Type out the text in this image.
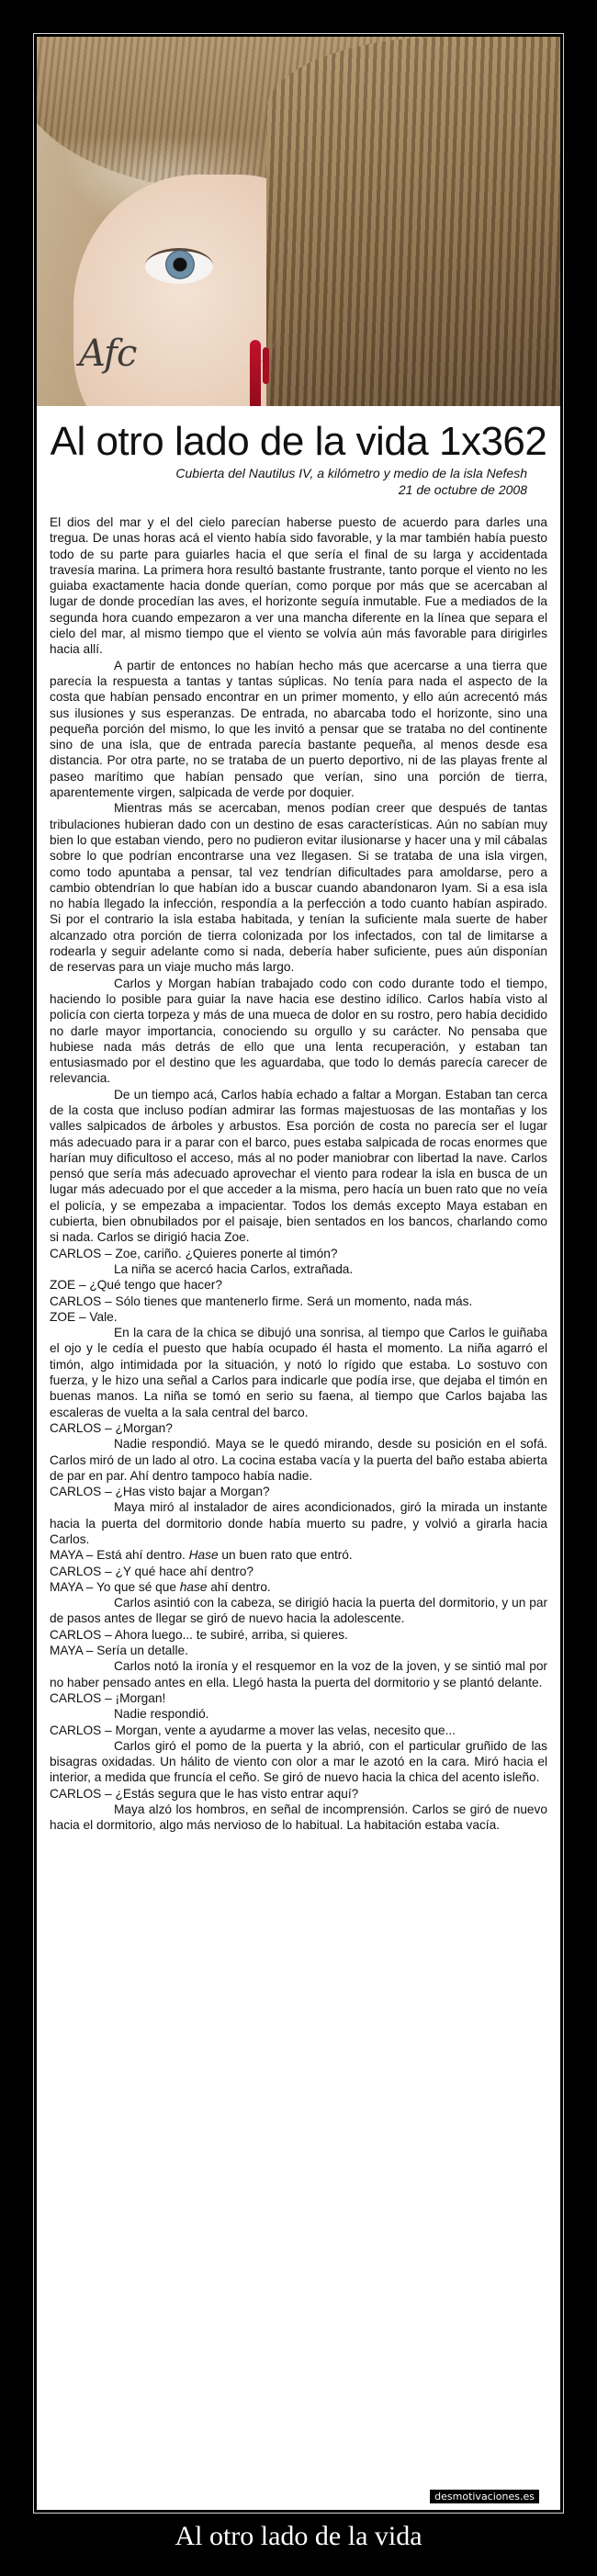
Afc
Al otro lado de la vida 1x362
Cubierta del Nautilus IV, a kilómetro y medio de la isla Nefesh
21 de octubre de 2008

El dios del mar y el del cielo parecían haberse puesto de acuerdo para darles una tregua. De unas horas acá el viento había sido favorable, y la mar también había puesto todo de su parte para guiarles hacia el que sería el final de su larga y accidentada travesía marina. La primera hora resultó bastante frustrante, tanto porque el viento no les guiaba exactamente hacia donde querían, como porque por más que se acercaban al lugar de donde procedían las aves, el horizonte seguía inmutable. Fue a mediados de la segunda hora cuando empezaron a ver una mancha diferente en la línea que separa el cielo del mar, al mismo tiempo que el viento se volvía aún más favorable para dirigirles hacia allí.

A partir de entonces no habían hecho más que acercarse a una tierra que parecía la respuesta a tantas y tantas súplicas. No tenía para nada el aspecto de la costa que habían pensado encontrar en un primer momento, y ello aún acrecentó más sus ilusiones y sus esperanzas. De entrada, no abarcaba todo el horizonte, sino una pequeña porción del mismo, lo que les invitó a pensar que se trataba no del continente sino de una isla, que de entrada parecía bastante pequeña, al menos desde esa distancia. Por otra parte, no se trataba de un puerto deportivo, ni de las playas frente al paseo marítimo que habían pensado que verían, sino una porción de tierra, aparentemente virgen, salpicada de verde por doquier.

Mientras más se acercaban, menos podían creer que después de tantas tribulaciones hubieran dado con un destino de esas características. Aún no sabían muy bien lo que estaban viendo, pero no pudieron evitar ilusionarse y hacer una y mil cábalas sobre lo que podrían encontrarse una vez llegasen. Si se trataba de una isla virgen, como todo apuntaba a pensar, tal vez tendrían dificultades para amoldarse, pero a cambio obtendrían lo que habían ido a buscar cuando abandonaron Iyam. Si a esa isla no había llegado la infección, respondía a la perfección a todo cuanto habían aspirado. Si por el contrario la isla estaba habitada, y tenían la suficiente mala suerte de haber alcanzado otra porción de tierra colonizada por los infectados, con tal de limitarse a rodearla y seguir adelante como si nada, debería haber suficiente, pues aún disponían de reservas para un viaje mucho más largo.

Carlos y Morgan habían trabajado codo con codo durante todo el tiempo, haciendo lo posible para guiar la nave hacia ese destino idílico. Carlos había visto al policía con cierta torpeza y más de una mueca de dolor en su rostro, pero había decidido no darle mayor importancia, conociendo su orgullo y su carácter. No pensaba que hubiese nada más detrás de ello que una lenta recuperación, y estaban tan entusiasmado por el destino que les aguardaba, que todo lo demás parecía carecer de relevancia.

De un tiempo acá, Carlos había echado a faltar a Morgan. Estaban tan cerca de la costa que incluso podían admirar las formas majestuosas de las montañas y los valles salpicados de árboles y arbustos. Esa porción de costa no parecía ser el lugar más adecuado para ir a parar con el barco, pues estaba salpicada de rocas enormes que harían muy dificultoso el acceso, más al no poder maniobrar con libertad la nave. Carlos pensó que sería más adecuado aprovechar el viento para rodear la isla en busca de un lugar más adecuado por el que acceder a la misma, pero hacía un buen rato que no veía el policía, y se empezaba a impacientar. Todos los demás excepto Maya estaban en cubierta, bien obnubilados por el paisaje, bien sentados en los bancos, charlando como si nada. Carlos se dirigió hacia Zoe.

CARLOS – Zoe, cariño. ¿Quieres ponerte al timón?

La niña se acercó hacia Carlos, extrañada.

ZOE – ¿Qué tengo que hacer?

CARLOS – Sólo tienes que mantenerlo firme. Será un momento, nada más.

ZOE – Vale.

En la cara de la chica se dibujó una sonrisa, al tiempo que Carlos le guiñaba el ojo y le cedía el puesto que había ocupado él hasta el momento. La niña agarró el timón, algo intimidada por la situación, y notó lo rígido que estaba. Lo sostuvo con fuerza, y le hizo una señal a Carlos para indicarle que podía irse, que dejaba el timón en buenas manos. La niña se tomó en serio su faena, al tiempo que Carlos bajaba las escaleras de vuelta a la sala central del barco.

CARLOS – ¿Morgan?

Nadie respondió. Maya se le quedó mirando, desde su posición en el sofá. Carlos miró de un lado al otro. La cocina estaba vacía y la puerta del baño estaba abierta de par en par. Ahí dentro tampoco había nadie.

CARLOS – ¿Has visto bajar a Morgan?

Maya miró al instalador de aires acondicionados, giró la mirada un instante hacia la puerta del dormitorio donde había muerto su padre, y volvió a girarla hacia Carlos.

MAYA – Está ahí dentro. Hase un buen rato que entró.

CARLOS – ¿Y qué hace ahí dentro?

MAYA – Yo que sé que hase ahí dentro.

Carlos asintió con la cabeza, se dirigió hacia la puerta del dormitorio, y un par de pasos antes de llegar se giró de nuevo hacia la adolescente.

CARLOS – Ahora luego... te subiré, arriba, si quieres.

MAYA – Sería un detalle.

Carlos notó la ironía y el resquemor en la voz de la joven, y se sintió mal por no haber pensado antes en ella. Llegó hasta la puerta del dormitorio y se plantó delante.

CARLOS – ¡Morgan!

Nadie respondió.

CARLOS – Morgan, vente a ayudarme a mover las velas, necesito que...

Carlos giró el pomo de la puerta y la abrió, con el particular gruñido de las bisagras oxidadas. Un hálito de viento con olor a mar le azotó en la cara. Miró hacia el interior, a medida que fruncía el ceño. Se giró de nuevo hacia la chica del acento isleño.

CARLOS – ¿Estás segura que le has visto entrar aquí?

Maya alzó los hombros, en señal de incomprensión. Carlos se giró de nuevo hacia el dormitorio, algo más nervioso de lo habitual. La habitación estaba vacía.

desmotivaciones.es
Al otro lado de la vida
